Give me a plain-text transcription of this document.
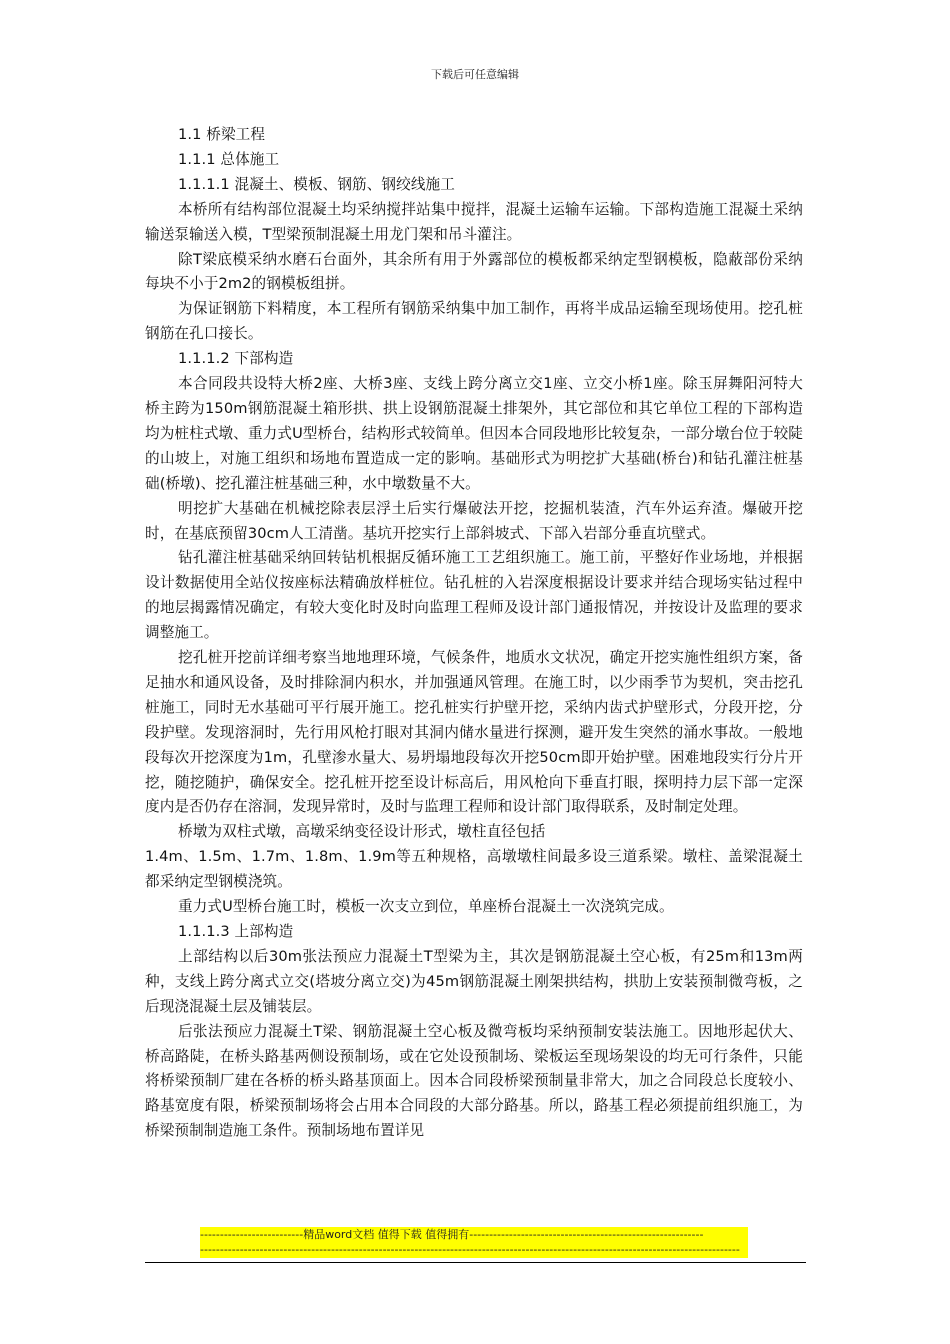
下载后可任意编辑

1.1 桥梁工程

1.1.1 总体施工

1.1.1.1 混凝土、模板、钢筋、钢绞线施工

本桥所有结构部位混凝土均采纳搅拌站集中搅拌，混凝土运输车运输。下部构造施工混凝土采纳输送泵输送入模，T型梁预制混凝土用龙门架和吊斗灌注。

除T梁底模采纳水磨石台面外，其余所有用于外露部位的模板都采纳定型钢模板，隐蔽部份采纳每块不小于2m2的钢模板组拼。

为保证钢筋下料精度，本工程所有钢筋采纳集中加工制作，再将半成品运输至现场使用。挖孔桩钢筋在孔口接长。

1.1.1.2 下部构造

本合同段共设特大桥2座、大桥3座、支线上跨分离立交1座、立交小桥1座。除玉屏舞阳河特大桥主跨为150m钢筋混凝土箱形拱、拱上设钢筋混凝土排架外，其它部位和其它单位工程的下部构造均为桩柱式墩、重力式U型桥台，结构形式较简单。但因本合同段地形比较复杂，一部分墩台位于较陡的山坡上，对施工组织和场地布置造成一定的影响。基础形式为明挖扩大基础(桥台)和钻孔灌注桩基础(桥墩)、挖孔灌注桩基础三种，水中墩数量不大。

明挖扩大基础在机械挖除表层浮土后实行爆破法开挖，挖掘机装渣，汽车外运弃渣。爆破开挖时，在基底预留30cm人工清凿。基坑开挖实行上部斜坡式、下部入岩部分垂直坑壁式。

钻孔灌注桩基础采纳回转钻机根据反循环施工工艺组织施工。施工前，平整好作业场地，并根据设计数据使用全站仪按座标法精确放样桩位。钻孔桩的入岩深度根据设计要求并结合现场实钻过程中的地层揭露情况确定，有较大变化时及时向监理工程师及设计部门通报情况，并按设计及监理的要求调整施工。

挖孔桩开挖前详细考察当地地理环境，气候条件，地质水文状况，确定开挖实施性组织方案，备足抽水和通风设备，及时排除洞内积水，并加强通风管理。在施工时，以少雨季节为契机，突击挖孔桩施工，同时无水基础可平行展开施工。挖孔桩实行护壁开挖，采纳内齿式护壁形式，分段开挖，分段护壁。发现溶洞时，先行用风枪打眼对其洞内储水量进行探测，避开发生突然的涌水事故。一般地段每次开挖深度为1m，孔壁渗水量大、易坍塌地段每次开挖50cm即开始护壁。困难地段实行分片开挖，随挖随护，确保安全。挖孔桩开挖至设计标高后，用风枪向下垂直打眼，探明持力层下部一定深度内是否仍存在溶洞，发现异常时，及时与监理工程师和设计部门取得联系，及时制定处理。

桥墩为双柱式墩，高墩采纳变径设计形式，墩柱直径包括

1.4m、1.5m、1.7m、1.8m、1.9m等五种规格，高墩墩柱间最多设三道系梁。墩柱、盖梁混凝土都采纳定型钢模浇筑。

重力式U型桥台施工时，模板一次支立到位，单座桥台混凝土一次浇筑完成。

1.1.1.3 上部构造

上部结构以后30m张法预应力混凝土T型梁为主，其次是钢筋混凝土空心板，有25m和13m两种，支线上跨分离式立交(塔坡分离立交)为45m钢筋混凝土刚架拱结构，拱肋上安装预制微弯板，之后现浇混凝土层及铺装层。

后张法预应力混凝土T梁、钢筋混凝土空心板及微弯板均采纳预制安装法施工。因地形起伏大、桥高路陡，在桥头路基两侧设预制场，或在它处设预制场、梁板运至现场架设的均无可行条件，只能将桥梁预制厂建在各桥的桥头路基顶面上。因本合同段桥梁预制量非常大，加之合同段总长度较小、路基宽度有限，桥梁预制场将会占用本合同段的大部分路基。所以，路基工程必须提前组织施工，为桥梁预制制造施工条件。预制场地布置详见

--------------------------精品word文档 值得下载 值得拥有-----------------------------------------------------------
----------------------------------------------------------------------------------------------------------------------------------------
